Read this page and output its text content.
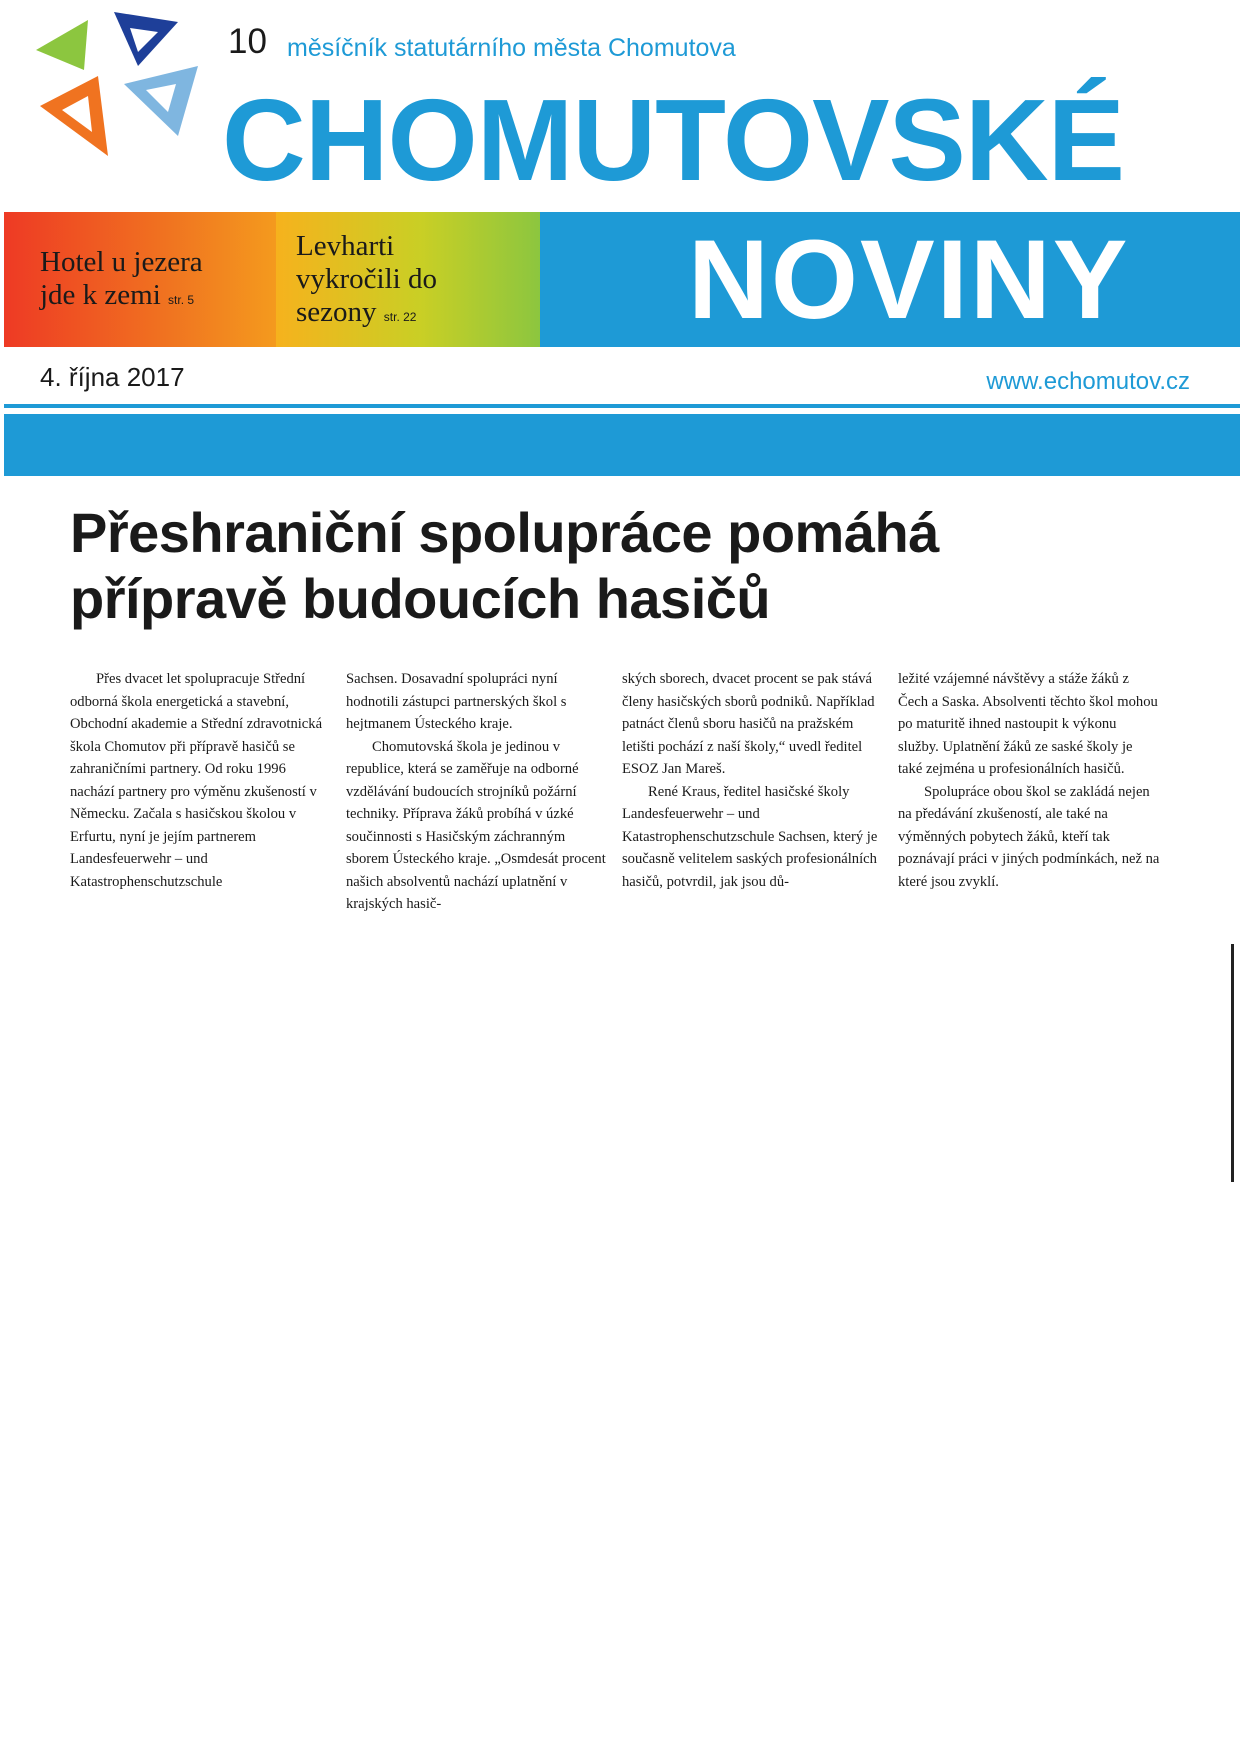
10 měsíčník statutárního města Chomutova
CHOMUTOVSKÉ
Hotel u jezera
jde k zemi str. 5
Levharti
vykročili do
sezony str. 22 NOVINY
4. října 2017	www.echomutov.cz
Přeshraniční spolupráce pomáhá
přípravě budoucích hasičů

Přes dvacet let spolupracuje Střední odborná škola energetická a stavební, Obchodní akademie a Střední zdravotnická škola Chomutov při přípravě hasičů se zahraničními partnery. Od roku 1996 nachází partnery pro výměnu zkušeností v Německu. Začala s hasičskou školou v Erfurtu, nyní je jejím partnerem Landesfeuerwehr – und Katastrophenschutzschule

Sachsen. Dosavadní spolupráci nyní hodnotili zástupci partnerských škol s hejtmanem Ústeckého kraje.

Chomutovská škola je jedinou v republice, která se zaměřuje na odborné vzdělávání budoucích strojníků požární techniky. Příprava žáků probíhá v úzké součinnosti s Hasičským záchranným sborem Ústeckého kraje. „Osmdesát procent našich absolventů nachází uplatnění v krajských hasič-

ských sborech, dvacet procent se pak stává členy hasičských sborů podniků. Například patnáct členů sboru hasičů na pražském letišti pochází z naší školy,“ uvedl ředitel ESOZ Jan Mareš.

René Kraus, ředitel hasičské školy Landesfeuerwehr – und Katastrophenschutzschule Sachsen, který je současně velitelem saských profesionálních hasičů, potvrdil, jak jsou dů-

ležité vzájemné návštěvy a stáže žáků z Čech a Saska. Absolventi těchto škol mohou po maturitě ihned nastoupit k výkonu služby. Uplatnění žáků ze saské školy je také zejména u profesionálních hasičů.

Spolupráce obou škol se zakládá nejen na předávání zkušeností, ale také na výměnných pobytech žáků, kteří tak poznávají práci v jiných podmínkách, než na které jsou zvyklí.
